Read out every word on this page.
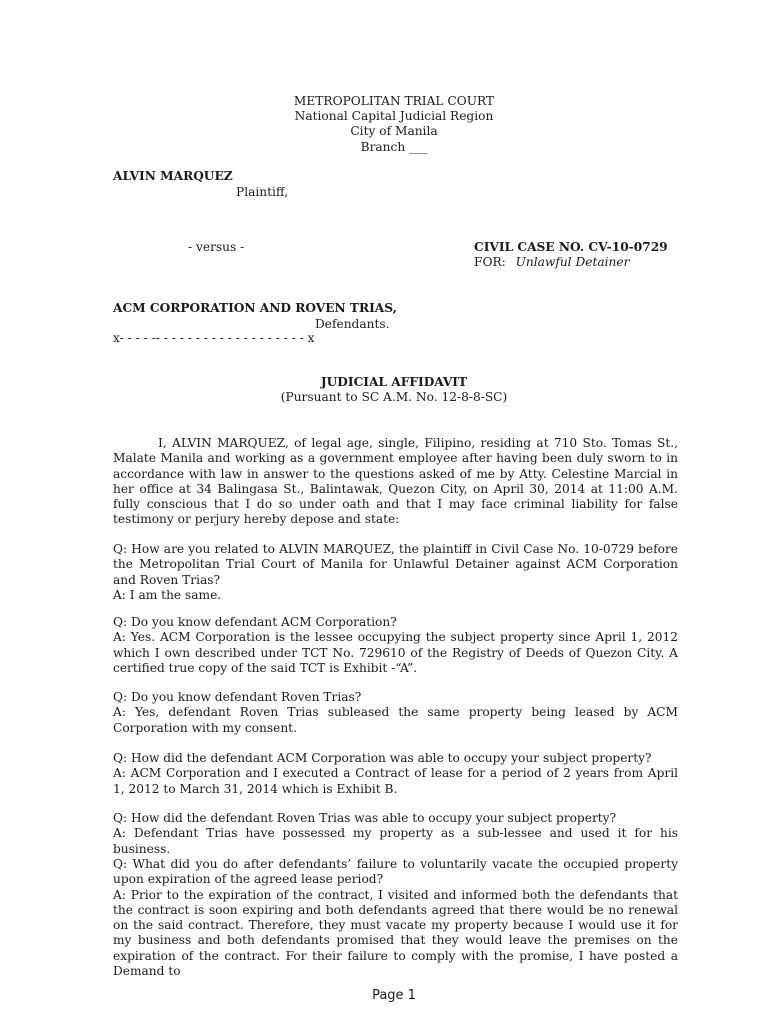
METROPOLITAN TRIAL COURT
National Capital Judicial Region
City of Manila
Branch ___
ALVIN MARQUEZ
Plaintiff,
- versus -	CIVIL CASE NO. CV-10-0729
FOR: Unlawful Detainer
ACM CORPORATION AND ROVEN TRIAS,
Defendants.
x- - - - -- - - - - - - - - - - - - - - - - - - x
JUDICIAL AFFIDAVIT
(Pursuant to SC A.M. No. 12-8-8-SC)

I, ALVIN MARQUEZ, of legal age, single, Filipino, residing at 710 Sto. Tomas St., Malate Manila and working as a government employee after having been duly sworn to in accordance with law in answer to the questions asked of me by Atty. Celestine Marcial in her office at 34 Balingasa St., Balintawak, Quezon City, on April 30, 2014 at 11:00 A.M. fully conscious that I do so under oath and that I may face criminal liability for false testimony or perjury hereby depose and state:

Q: How are you related to ALVIN MARQUEZ, the plaintiff in Civil Case No. 10-0729 before the Metropolitan Trial Court of Manila for Unlawful Detainer against ACM Corporation and Roven Trias?

A: I am the same.

Q: Do you know defendant ACM Corporation?

A: Yes. ACM Corporation is the lessee occupying the subject property since April 1, 2012 which I own described under TCT No. 729610 of the Registry of Deeds of Quezon City. A certified true copy of the said TCT is Exhibit -“A”.

Q: Do you know defendant Roven Trias?

A: Yes, defendant Roven Trias subleased the same property being leased by ACM Corporation with my consent.

Q: How did the defendant ACM Corporation was able to occupy your subject property?

A: ACM Corporation and I executed a Contract of lease for a period of 2 years from April 1, 2012 to March 31, 2014 which is Exhibit B.

Q: How did the defendant Roven Trias was able to occupy your subject property?

A: Defendant Trias have possessed my property as a sub-lessee and used it for his business.

Q: What did you do after defendants’ failure to voluntarily vacate the occupied property upon expiration of the agreed lease period?

A: Prior to the expiration of the contract, I visited and informed both the defendants that the contract is soon expiring and both defendants agreed that there would be no renewal on the said contract. Therefore, they must vacate my property because I would use it for my business and both defendants promised that they would leave the premises on the expiration of the contract. For their failure to comply with the promise, I have posted a Demand to

Page 1
